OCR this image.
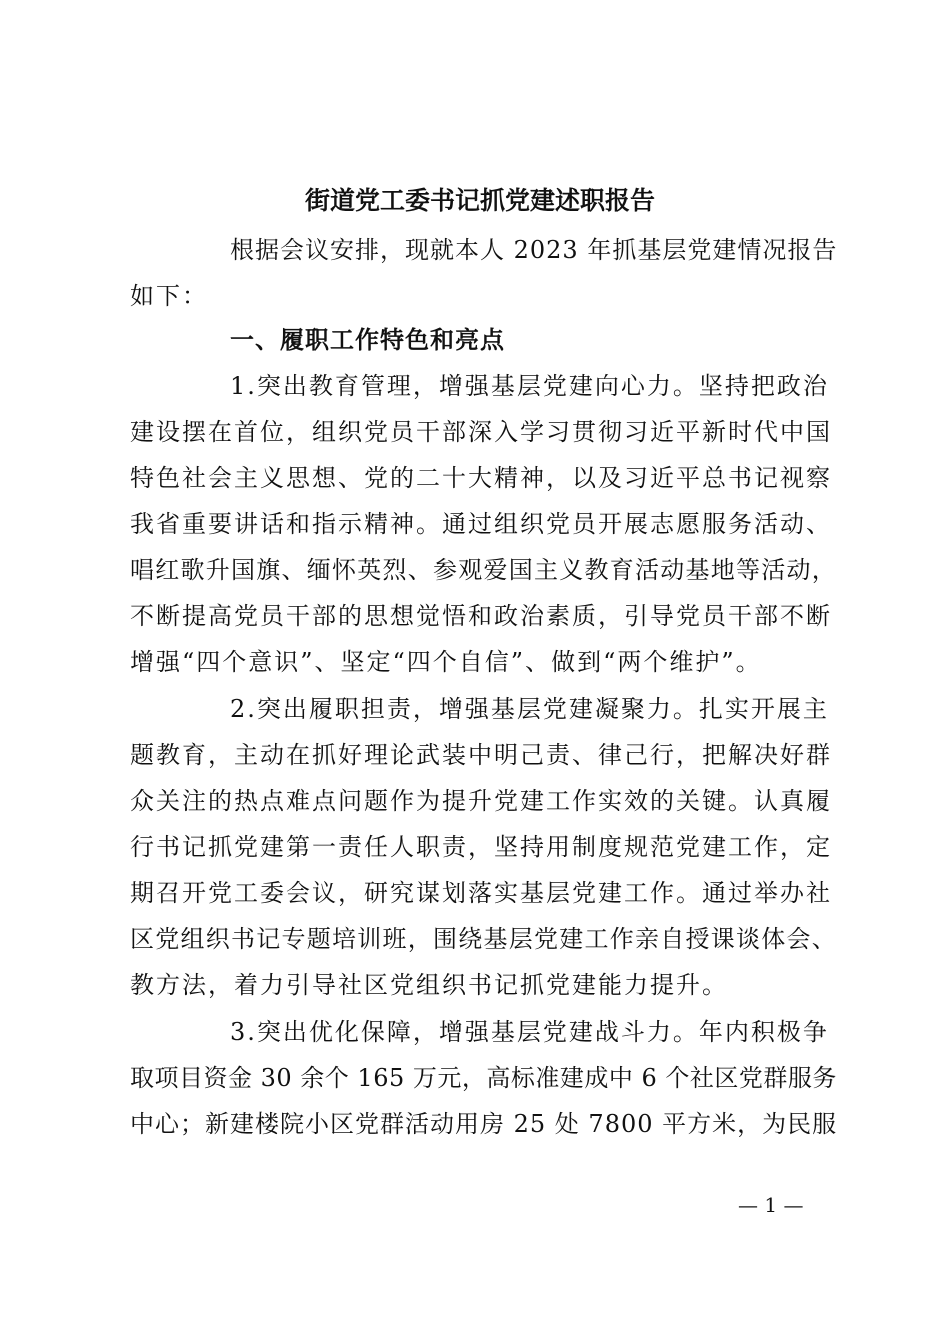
街道党工委书记抓党建述职报告
根据会议安排，现就本人 2023 年抓基层党建情况报告
如下：
一、履职工作特色和亮点
1.突出教育管理，增强基层党建向心力。坚持把政治
建设摆在首位，组织党员干部深入学习贯彻习近平新时代中国
特色社会主义思想、党的二十大精神，以及习近平总书记视察
我省重要讲话和指示精神。通过组织党员开展志愿服务活动、
唱红歌升国旗、缅怀英烈、参观爱国主义教育活动基地等活动，
不断提高党员干部的思想觉悟和政治素质，引导党员干部不断
增强“四个意识”、坚定“四个自信”、做到“两个维护”。
2.突出履职担责，增强基层党建凝聚力。扎实开展主
题教育，主动在抓好理论武装中明己责、律己行，把解决好群
众关注的热点难点问题作为提升党建工作实效的关键。认真履
行书记抓党建第一责任人职责，坚持用制度规范党建工作，定
期召开党工委会议，研究谋划落实基层党建工作。通过举办社
区党组织书记专题培训班，围绕基层党建工作亲自授课谈体会、
教方法，着力引导社区党组织书记抓党建能力提升。
3.突出优化保障，增强基层党建战斗力。年内积极争
取项目资金 30 余个 165 万元，高标准建成中 6 个社区党群服务
中心；新建楼院小区党群活动用房 25 处 7800 平方米，为民服
— 1 —
